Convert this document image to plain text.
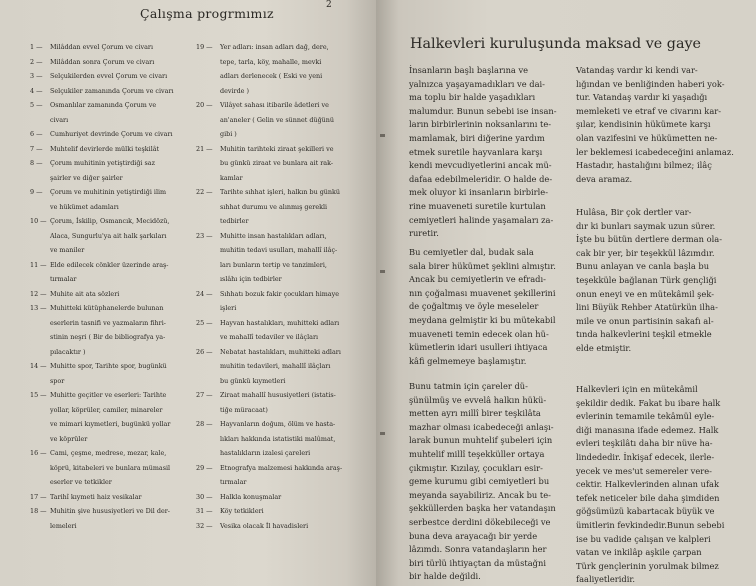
2
Çalışma progrmımız
1 — Milâddan evvel Çorum ve civarı
2 — Milâddan sonra Çorum ve civarı
3 — Selçukilerden evvel Çorum ve civarı
4 — Selçukiler zamanında Çorum ve civarı
5 — Osmanlılar zamanında Çorum ve
civarı
6 — Cumhuriyet devrinde Çorum ve civarı
7 — Muhtelif devirlerde mülki teşkilât
8 — Çorum muhitinin yetiştirdiği saz
şairler ve diğer şairler
9 — Çorum ve muhitinin yetiştirdiği ilim
ve hükümet adamları
10 — Çorum, İskilip, Osmancık, Mecidözü,
Alaca, Sungurlu'ya ait halk şarkıları
ve maniler
11 — Elde edilecek cönkler üzerinde araş-
tırmalar
12 — Muhite ait ata sözleri
13 — Muhitteki kütüphanelerde bulunan
eserlerin tasnifi ve yazmaların fihri-
stinin neşri ( Bir de bibliografya ya-
pılacaktır )
14 — Muhitte spor, Tarihte spor, bugünkü
spor
15 — Muhitte geçitler ve eserleri: Tarihte
yollar, köprüler, camiler, minareler
ve mimari kıymetleri, bugünkü yollar
ve köprüler
16 — Cami, çeşme, medrese, mezar, kale,
köprü, kitabeleri ve bunlara mümasil
eserler ve tetkikler
17 — Tarihî kıymeti haiz vesikalar
18 — Muhitin şive hususiyetleri ve Dil der-
lemeleri
19 — Yer adları: insan adları dağ, dere,
tepe, tarla, köy, mahalle, mevki
adları derlenecek ( Eski ve yeni
devirde )
20 — Vilâyet sahası itibarile âdetleri ve
an'aneler ( Gelin ve sünnet düğünü
gibi )
21 — Muhitin tarihteki ziraat şekilleri ve
bu günkü ziraat ve bunlara ait rak-
kamlar
22 — Tarihte sıhhat işleri, halkın bu günkü
sıhhat durumu ve alınmış gerekli
tedbirler
23 — Muhitte insan hastalıkları adları,
muhitin tedavi usulları, mahallî ilâç-
ları bunların tertip ve tanzimleri,
ıslâhı için tedbirler
24 — Sıhhatı bozuk fakir çocukları himaye
işleri
25 — Hayvan hastalıkları, muhitteki adları
ve mahallî tedaviler ve ilâçları
26 — Nebatat hastalıkları, muhitteki adları
muhitin tedavileri, mahallî ilâçları
bu günkü kıymetleri
27 — Ziraat mahallî hususiyetleri (istatis-
tiğe müracaat)
28 — Hayvanların doğum, ölüm ve hasta-
lıkları hakkında istatistiki malûmat,
hastalıkların izalesi çareleri
29 — Etnografya malzemesi hakkında araş-
tırmalar
30 — Halkla konuşmalar
31 — Köy tetkikleri
32 — Vesika olacak İl havadisleri
Halkevleri kuruluşunda maksad ve gaye
İnsanların başlı başlarına ve
yalnızca yaşayamadıkları ve dai-
ma toplu bir halde yaşadıkları
malumdur. Bunun sebebi ise insan-
ların birbirlerinin noksanlarını te-
mamlamak, biri diğerine yardım
etmek suretile hayvanlara karşı
kendi mevcudiyetlerini ancak mü-
dafaa edebilmeleridir. O halde de-
mek oluyor ki insanların birbirle-
rine muaveneti suretile kurtulan
cemiyetleri halinde yaşamaları za-
ruretir.
Bu cemiyetler dal, budak sala
sala birer hükümet şeklini almıştır.
Ancak bu cemiyetlerin ve efradı-
nın çoğalması muavenet şekillerini
de çoğaltmış ve öyle meseleler
meydana gelmiştir ki bu mütekabil
muaveneti temin edecek olan hü-
kümetlerin idari usulleri ihtiyaca
kâfi gelmemeye başlamıştır.
Bunu tatmin için çareler dü-
şünülmüş ve evvelâ halkın hükü-
metten ayrı millî birer teşkilâta
mazhar olması icabedeceği anlaşı-
larak bunun muhtelif şubeleri için
muhtelif millî teşekküller ortaya
çıkmıştır. Kızılay, çocukları esir-
geme kurumu gibi cemiyetleri bu
meyanda sayabiliriz. Ancak bu te-
şekküllerden başka her vatandaşın
serbestce derdini dökebileceği ve
buna deva arayacağı bir yerde
lâzımdı. Sonra vatandaşların her
biri türlü ihtiyaçtan da müstağni
bir halde değildi.
Vatandaş vardır ki kendi var-
lığından ve benliğinden haberi yok-
tur. Vatandaş vardır ki yaşadığı
memleketi ve etraf ve civarını kar-
şılar, kendisinin hükümete karşı
olan vazifesini ve hükümetten ne-
ler beklemesi icabedeceğini anlamaz.
Hastadır, hastalığını bilmez; ilâç
deva aramaz.
Hulâsa, Bir çok dertler var-
dır ki bunları saymak uzun sürer.
İşte bu bütün dertlere derman ola-
cak bir yer, bir teşekkül lâzımdır.
Bunu anlayan ve canla başla bu
teşekküle bağlanan Türk gençliği
onun eneyi ve en mütekâmil şek-
lini Büyük Rehber Atatürkün ilha-
mile ve onun partisinin sakafı al-
tında halkevlerini teşkil etmekle
elde etmiştir.
Halkevleri için en mütekâmil
şekildir dedik. Fakat bu ibare halk
evlerinin temamile tekâmül eyle-
diği manasına ifade edemez. Halk
evleri teşkilâtı daha bir nüve ha-
lindededir. İnkişaf edecek, ilerle-
yecek ve mes'ut semereler vere-
cektir. Halkevlerinden alınan ufak
tefek neticeler bile daha şimdiden
göğsümüzü kabartacak büyük ve
ümitlerin fevkindedir.Bunun sebebi
ise bu vadide çalışan ve kalpleri
vatan ve inkilâp aşkile çarpan
Türk gençlerinin yorulmak bilmez
faaliyetleridir.
